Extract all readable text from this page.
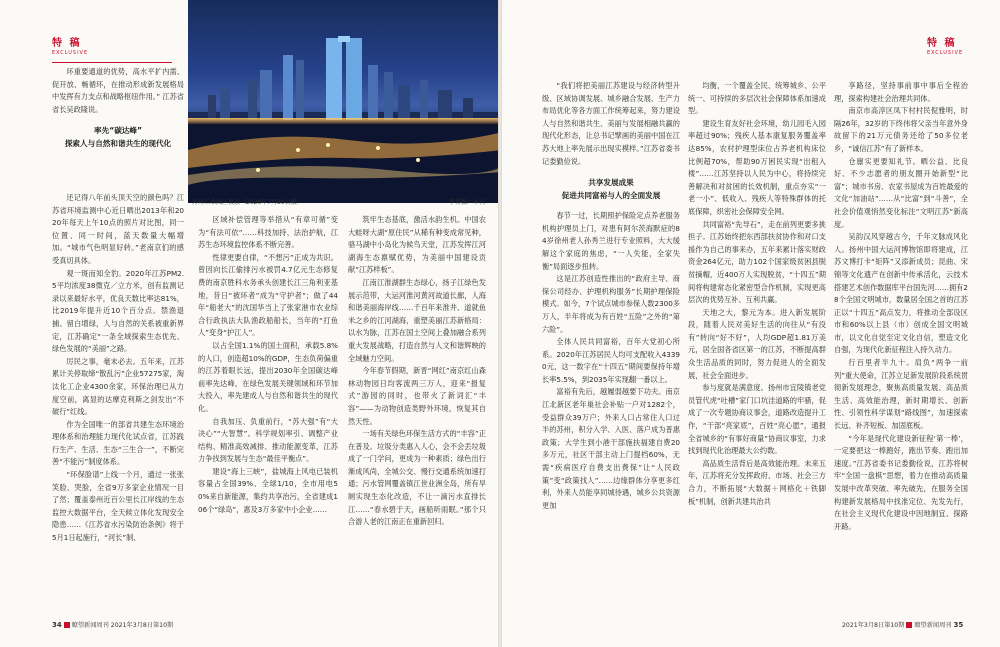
特 稿
EXCLUSIVE

环重要通道的优势，高水平扩内需、促开放、畅循环，在推动形成新发展格局中发挥有力支点和战略枢纽作用。” 江苏省省长吴政隆说。

率先“碳达峰”

探索人与自然和谐共生的现代化

还记得八年前头顶天空的颜色吗？江苏省环境监测中心近日晒出2013年和2020年每天上午10点的照片对比图，同一位置、同一时间，蓝天数量大幅增加。“城市气色明显好转。”老南京们的感受真切具体。

观一斑而知全豹。2020年江苏PM2.5平均浓度38微克／立方米，创有监测记录以来最好水平，优良天数比率达81%，比2019年提升近10个百分点。禁渔退捕、留白增绿，人与自然的关系被重新界定，江苏确定“一条全域探索生态优先、绿色发展的“美丽”之路。

厉民之事，毫末必去。五年来，江苏累计关停取缔“散乱污”企业57275家，淘汰化工企业4300余家，环保治理已从力度空前，离显的达摩克利斯之剑发出“不破行”红线。

作为全国唯一的部省共建生态环境治理体系和治理能力现代化试点省，江苏践行生产、生活、生态“三生合一”，不断完善“不能污”制度体系。

“环保脸谱”上线一个月，通过一张张笑脸、哭脸，全省9万多家企业情况一目了然；覆盖泰州近百公里长江岸线的生态监控大数据平台，全天候立体化发现安全隐患……《江苏省水污染防治条例》将于5月1日起施行，“河长”制、

苏州工业园区夜景（2020年7月30日摄）	李博摄／本刊

区域补偿管理等举措从“有章可循”变为“有法可依”……科技加持、法治护航，江苏生态环境监控体系不断完善。

性律更要自律，“不想污”正成为共识。曾因向长江偷排污水被罚4.7亿元生态修复费的南京胜科水务承头创建长江三角利亚基地，昔日“被环者”成为“守护者”；做了44年“船老大”的沈国华当上了张家港市农业综合行政执法大队渔政船船长，当年的“打鱼人”变身“护江人”。

以占全国1.1%的国土面积，承载5.8%的人口，创造超10%的GDP，生态负荷偏重的江苏着眼长远，提出2030年全国碳达峰前率先达峰，在绿色发展关键领域和环节加大投入，率先建成人与自然和谐共生的现代化。

自我加压、负重前行，“苏大强”有“大决心”“大智慧”。科学规划率引、调整产业结构、精准高效减排、推动能源变革，江苏力争找到发展与生态“最佳平衡点”。

建设“海上三峡”，盐城海上风电已装机容量占全国39%、全球1/10，全市用电50%来自新能源，集约共享治污，全省建成106个“绿岛”，惠及3万多家中小企业……

筑牢生态基底，激活水韵生机。中国农大蛙呀大湖“原住民”从稀有种变成常见种，骆马湖中小岛化为候鸟天堂，江苏发挥江河湖海生态禀赋优势，为美丽中国建设贡献“江苏样板”。

江南江淮湖群生态绿心，扬子江绿色发展示范带，大运河淮河黄河故道长廊，人海和谐美丽海岸线……千百年来淮井、道就鱼米之乡的江河湖海，重塑美丽江苏新格局：以水为脉，江苏在国土空间上叠加融合系列重大发展战略，打造自然与人文和谐辉映的全域魅力空间。

今年春节假期，新晋“网红”南京红山森林动物园日均客流两三万人，迎来“报复式”游园的同时，也带火了新词汇“丰容”——为动物创造类野外环境，恢复其自然天性。

一场有关绿色环保生活方式的“丰容”正在普及。垃圾分类惠入人心，会不会丢垃圾成了一门学问，更成为一种素质；绿色出行渐成风尚，全城公交、慢行交通系统加速打通；污水管网覆盖镇江世业洲全岛，所有旱厕实现生态化改造，不让一滴污水直排长江……“春水碧于天，画船听雨眠。”那个只合游人老的江南正在重新回归。

34 瞭望新闻周刊 2021年3月8日第10期
特 稿
EXCLUSIVE

“我们将把美丽江苏建设与经济转型升级、区域协调发展、城乡融合发展、生产力布局优化等各方面工作统筹起来，努力建设人与自然和谐共生、美丽与发展相融共赢的现代化形态，让总书记擘画的美丽中国在江苏大地上率先展示出现实模样。”江苏省委书记娄勤俭说。

共享发展成果

促进共同富裕与人的全面发展

春节一过，长期照护保险定点养老服务机构护理员上门，对患有阿尔茨海默症的84岁徐州老人孙秀兰进行专业照料，大大缓解这个家庭的焦虑，“一人失能，全家失衡”局面逐步扭转。

这是江苏创造性推出的“政府主导、商保公司经办、护理机构服务”长期护理保险模式。如今，7个试点城市参保人数2300多万人，半年将成为有百姓“五险”之外的“第六险”。

全体人民共同富裕，百年大党初心所系。2020年江苏居民人均可支配收入43390元，这一数字在“十四五”期间要保持年增长率5.5%，到2035年实现翻一番以上。

富裕有先后，越履弱越要下功夫。南京江北新区老年巢社会补贴一户对1282个，受益群众39万户；外来人口占常住人口过半的苏州，积分入学、入医、落户成为普惠政策；大学生到小港干部施扶福建自费20多万元，社区干部主动上门提档60%，无需“疾病医疗自费支出费保”让“人民政策”变“政策找人”……边缘群体分享更多红利，外来人员能享同城待遇，城乡公共资源更加

均衡，一个覆盖全民、统筹城乡、公平统一、可持续的多层次社会保障体系加速成型。

建设生育友好社会环境，幼儿园毛入园率超过90%；残疾人基本康复服务覆盖率达85%，农村护理型床位占养老机构床位比例超70%，帮助90万困民实现“出租入楼”……江苏坚持以人民为中心，将持续完善解决和对贫困的长效机制，重点夯实“一老一小”、低收入、残疾人等特殊群体的托底保障，织密社会保障安全网。

共同富裕“先导石”，走在前列更要多挑担子。江苏始终把东西部扶贫协作和对口支援作为自己的事来办，五年来累计落实财政资金264亿元，助力102个国家级贫困县脱贫摘帽，近400万人实现脱贫，“十四五”期间将构建常态化紧密型合作机制，实现更高层次的优势互补、互利共赢。

天地之大，黎元为本。进入新发展阶段，随着人民对美好生活的向往从“有没有”转向“好不好”，人均GDP超1.81万美元，居全国各省区第一的江苏，不断提高群众生活品质的同时，努力促进人的全面发展，社会全面进步。

参与度就是满意度。扬州市宜陵镇老党员管代虎“吐槽”家门口坑洼道路的牢骚，促成了一次专题协商议事会，道路改造提升工作，“干部“亮家底”，百姓“亮心愿”，通报全省城乡的“有事好商量”协商议事室，力求找到现代化治理最大公约数。

高品质生活背后是高效能治理。未来五年，江苏将充分发挥政府、市场、社会三方合力，不断拓展“大数据＋网格化＋铁脚板”机制，创新共建共治共

享路径，坚持事前事中事后全程治理，探索构建社会治理共同体。

南京市高淳区凤下村村民倪雅明，时隔26年，32岁的下终伟将父亲当年意外身故留下的21万元债务还给了50多位老乡，“诚信江苏”有了新样本。

仓廪实更要知礼节。晒公益、比良好、不少志愿者的朋友圈开始新型“比富”；城市书房、农家书屋成为百姓最爱的文化“加油站”……从“比富”到“斗善”，全社会价值观悄然变化标注“文明江苏”新高度。

吴韵汉风穿越古今，千年文脉成风化人。扬州中国大运河博物馆即将建成，江苏文博打卡“矩阵”又添新成员；昆曲、宋锦等文化遗产在创新中传承活化，云技术搭建艺术创作数据库平台国先河……拥有28个全国文明城市，数量居全国之首的江苏正以“十四五”高点发力，将推动全部设区市和60%以上县（市）创成全国文明城市，以文化自觉至定文化自信，塑造文化自强，为现代化新征程注入持久动力。

行百里者半九十。肩负“两争一前列”重大使命，江苏立足新发展阶段系统贯彻新发展理念，聚焦高质量发展、高品质生活、高效能治理，新时期增长、创新性、引领性科学谋划“路线图”，加速探索长远、补齐短板、加固底板。

“今年是现代化建设新征程‘第一棒’，一定要把这一棒跑好，跑出节奏、跑出加速度。”江苏省委书记娄勤俭说，江苏将树牢“全国一盘棋”思想，着力在推动高质量发展中改革突破、率先破先，在服务全国构建新发展格局中找准定位、先发先行，在社会主义现代化建设中因地制宜、探路开路。

2021年3月8日第10期 瞭望新闻周刊 35
